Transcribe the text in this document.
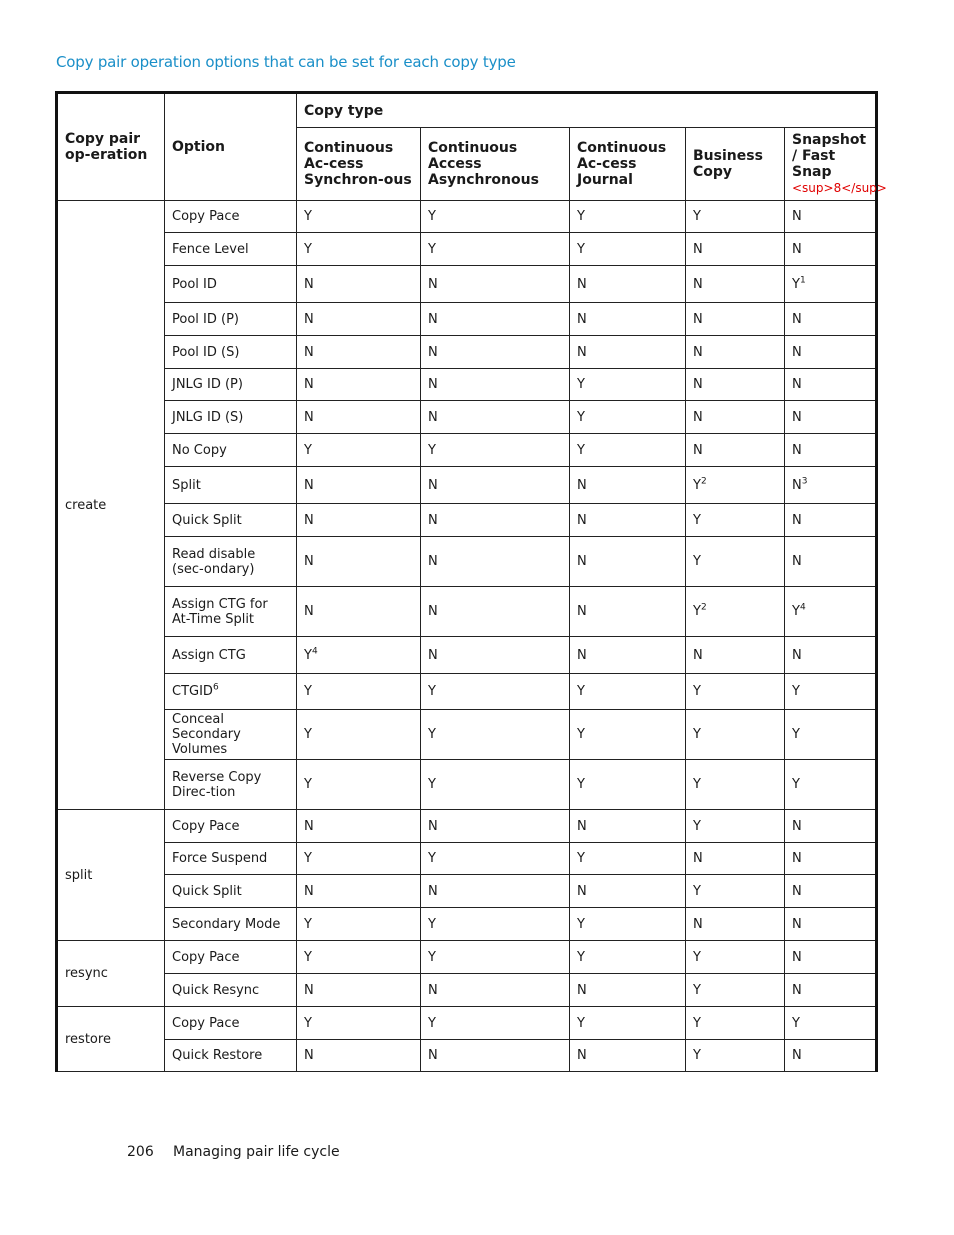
Copy pair operation options that can be set for each copy type
Copy pair op-eration	Option	Copy type				
		Continuous Ac-cess Synchron-ous	Continuous Access Asynchronous	Continuous Ac-cess Journal	Business Copy	Snapshot / Fast Snap
<sup>8</sup>
create	Copy Pace	Y	Y	Y	Y	N
	Fence Level	Y	Y	Y	N	N
	Pool ID	N	N	N	N	$Y^1$
	Pool ID (P)	N	N	N	N	N
	Pool ID (S)	N	N	N	N	N
	JNLG ID (P)	N	N	Y	N	N
	JNLG ID (S)	N	N	Y	N	N
	No Copy	Y	Y	Y	N	N
	Split	N	N	N	$Y^2$	$N^3$
	Quick Split	N	N	N	Y	N
	Read disable (sec-ondary)	N	N	N	Y	N
	Assign CTG for At-Time Split	N	N	N	$Y^2$	$Y^4$
	Assign CTG	$Y^4$	N	N	N	N
	CTGID$^6$	Y	Y	Y	Y	Y
	Conceal Secondary Volumes	Y	Y	Y	Y	Y
	Reverse Copy Direc-tion	Y	Y	Y	Y	Y
split	Copy Pace	N	N	N	Y	N
	Force Suspend	Y	Y	Y	N	N
	Quick Split	N	N	N	Y	N
	Secondary Mode	Y	Y	Y	N	N
resync	Copy Pace	Y	Y	Y	Y	N
	Quick Resync	N	N	N	Y	N
restore	Copy Pace	Y	Y	Y	Y	Y
	Quick Restore	N	N	N	Y	N
206 Managing pair life cycle
